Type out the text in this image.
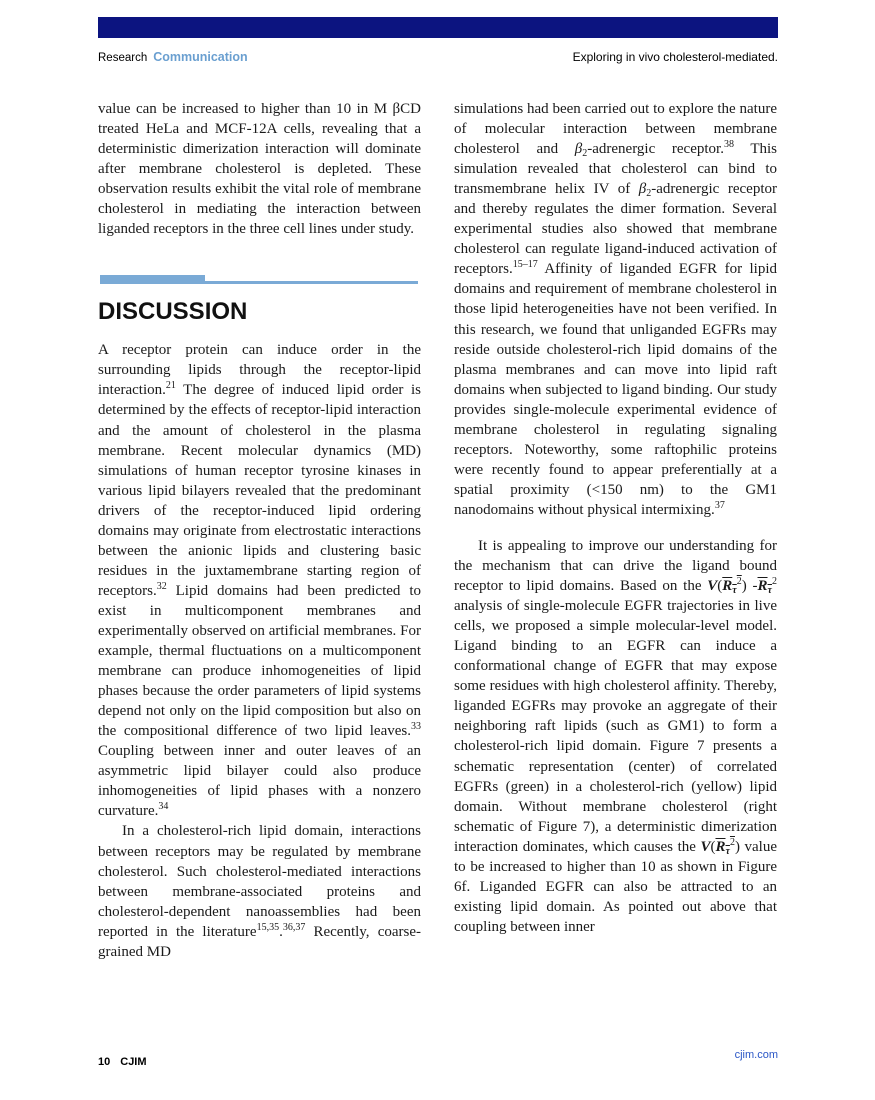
Research Communication	Exploring in vivo cholesterol-mediated.

value can be increased to higher than 10 in M βCD treated HeLa and MCF-12A cells, revealing that a deterministic dimerization interaction will dominate after membrane cholesterol is depleted. These observation results exhibit the vital role of membrane cholesterol in mediating the interaction between liganded receptors in the three cell lines under study.

DISCUSSION

A receptor protein can induce order in the surrounding lipids through the receptor-lipid interaction.$^{21}$ The degree of induced lipid order is determined by the effects of receptor-lipid interaction and the amount of cholesterol in the plasma membrane. Recent molecular dynamics (MD) simulations of human receptor tyrosine kinases in various lipid bilayers revealed that the predominant drivers of the receptor-induced lipid ordering domains may originate from electrostatic interactions between the anionic lipids and clustering basic residues in the juxtamembrane starting region of receptors.$^{32}$ Lipid domains had been predicted to exist in multicomponent membranes and experimentally observed on artificial membranes. For example, thermal fluctuations on a multicomponent membrane can produce inhomogeneities of lipid phases because the order parameters of lipid systems depend not only on the lipid composition but also on the compositional difference of two lipid leaves.$^{33}$ Coupling between inner and outer leaves of an asymmetric lipid bilayer could also produce inhomogeneities of lipid phases with a nonzero curvature.$^{34}$

In a cholesterol-rich lipid domain, interactions between receptors may be regulated by membrane cholesterol. Such cholesterol-mediated interactions between membrane-associated proteins and cholesterol-dependent nanoassemblies had been reported in the literature$^{15,35}$.$^{36,37}$ Recently, coarse-grained MD

simulations had been carried out to explore the nature of molecular interaction between membrane cholesterol and $\beta_2$-adrenergic receptor.$^{38}$ This simulation revealed that cholesterol can bind to transmembrane helix IV of $\beta_2$-adrenergic receptor and thereby regulates the dimer formation. Several experimental studies also showed that membrane cholesterol can regulate ligand-induced activation of receptors.$^{15-17}$ Affinity of liganded EGFR for lipid domains and requirement of membrane cholesterol in those lipid heterogeneities have not been verified. In this research, we found that unliganded EGFRs may reside outside cholesterol-rich lipid domains of the plasma membranes and can move into lipid raft domains when subjected to ligand binding. Our study provides single-molecule experimental evidence of membrane cholesterol in regulating signaling receptors. Noteworthy, some raftophilic proteins were recently found to appear preferentially at a spatial proximity (<150 nm) to the GM1 nanodomains without physical intermixing.$^{37}$

It is appealing to improve our understanding for the mechanism that can drive the ligand bound receptor to lipid domains. Based on the $V(R_\tau^2)$ $-R_\tau^2$ analysis of single-molecule EGFR trajectories in live cells, we proposed a simple molecular-level model. Ligand binding to an EGFR can induce a conformational change of EGFR that may expose some residues with high cholesterol affinity. Thereby, liganded EGFRs may provoke an aggregate of their neighboring raft lipids (such as GM1) to form a cholesterol-rich lipid domain. Figure 7 presents a schematic representation (center) of correlated EGFRs (green) in a cholesterol-rich (yellow) lipid domain. Without membrane cholesterol (right schematic of Figure 7), a deterministic dimerization interaction dominates, which causes the $V(R_\tau^2)$ value to be increased to higher than 10 as shown in Figure 6f. Liganded EGFR can also be attracted to an existing lipid domain. As pointed out above that coupling between inner

10 CJIM
cjim.com
